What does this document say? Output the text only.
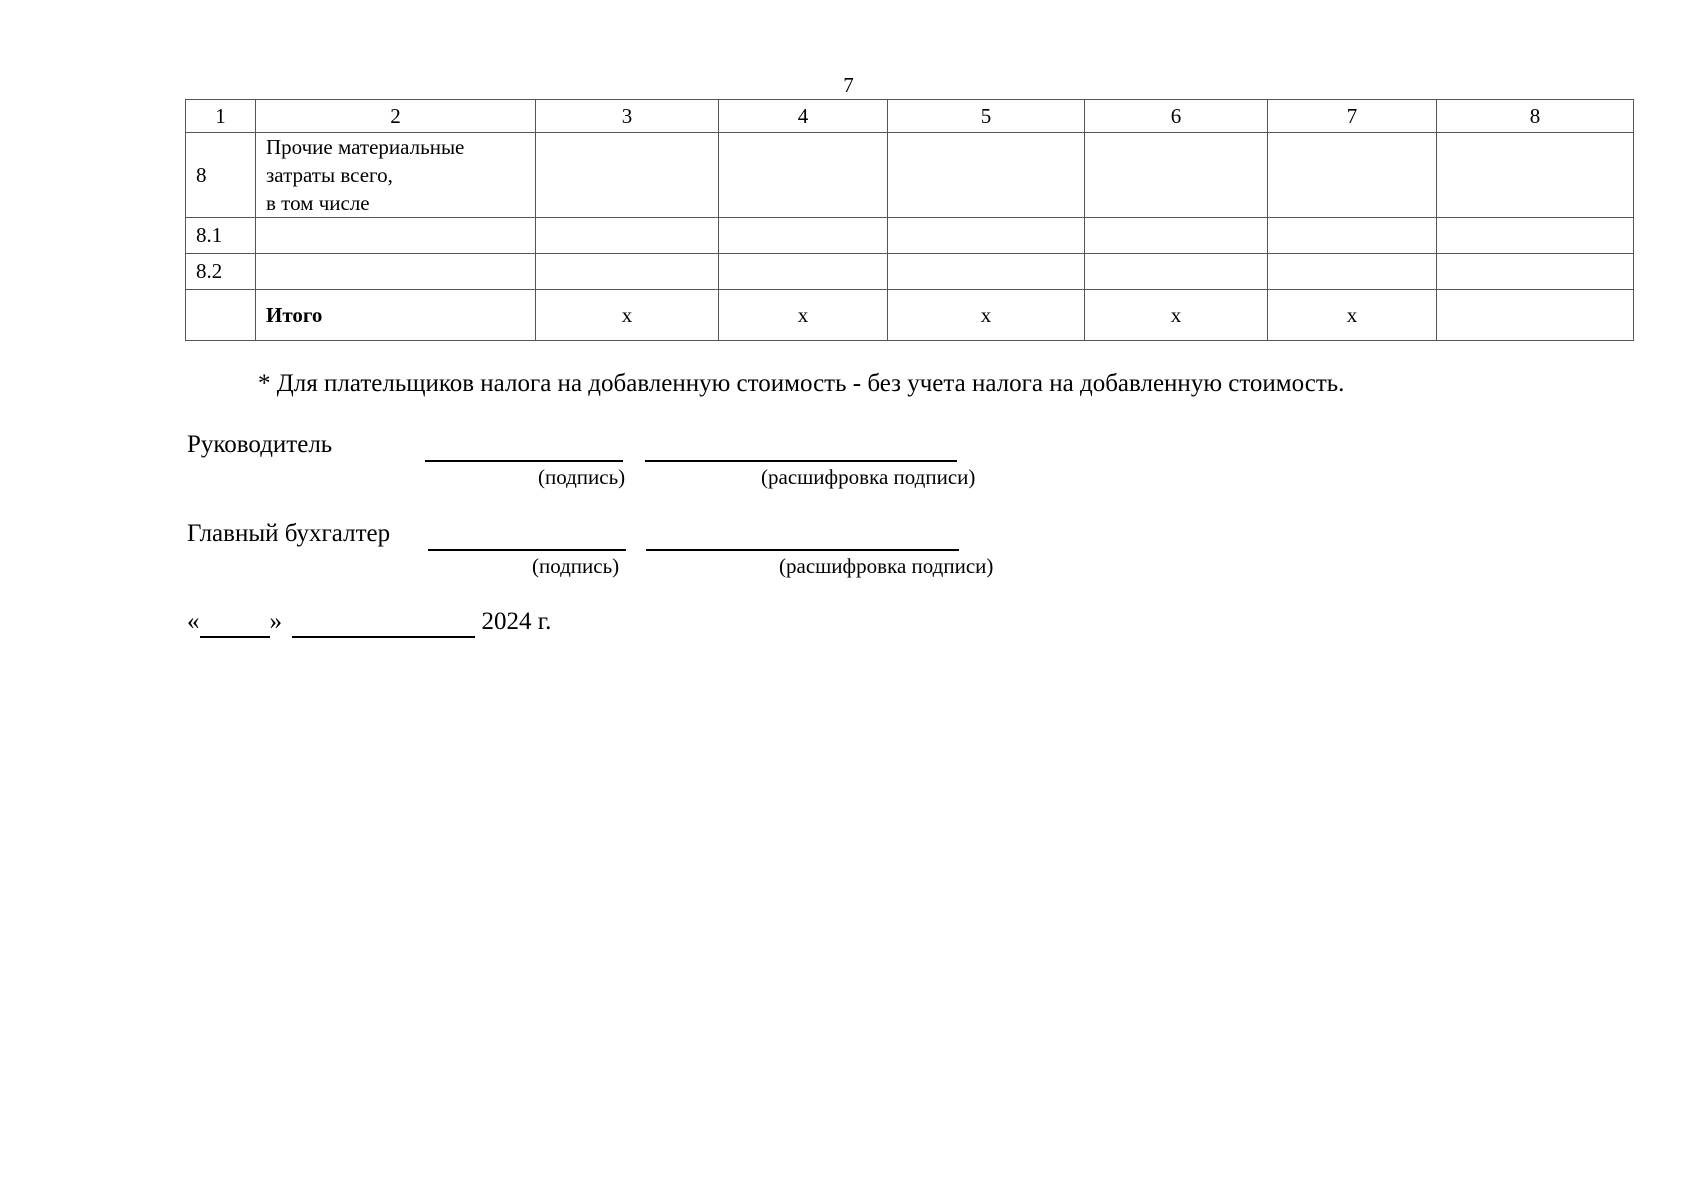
7
1	2	3	4	5	6	7	8
8	Прочие материальные
затраты всего,
в том числе						

8.1							
8.2							
	Итого	x	x	x	x	x	
* Для плательщиков налога на добавленную стоимость - без учета налога на добавленную стоимость.
Руководитель
(подпись)	(расшифровка подписи)
Главный бухгалтер
(подпись)	(расшифровка подписи)
«	»	2024 г.
